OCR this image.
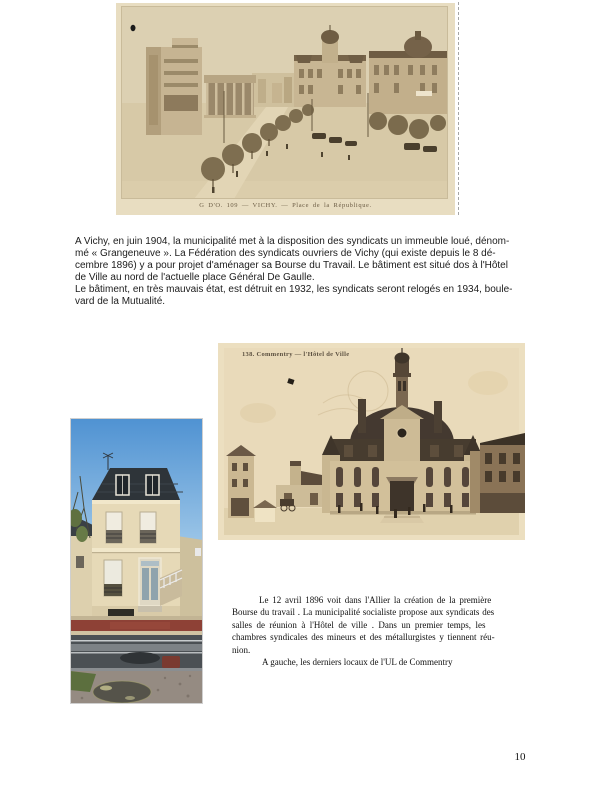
G D'O. 109 — VICHY. — Place de la République.
A Vichy, en juin 1904, la municipalité met à la disposition des syndicats un immeuble loué, dénom-
mé « Grangeneuve ». La Fédération des syndicats ouvriers de Vichy (qui existe depuis le 8 dé-
cembre 1896) y a pour projet d'aménager sa Bourse du Travail. Le bâtiment est situé dos à l'Hôtel
de Ville au nord de l'actuelle place Général De Gaulle.
Le bâtiment, en très mauvais état, est détruit en 1932, les syndicats seront relogés en 1934, boule-
vard de la Mutualité.
138. Commentry — l'Hôtel de Ville
Le 12 avril 1896 voit dans l'Allier la création de la première
Bourse du travail . La municipalité socialiste propose aux syndicats des
salles de réunion à l'Hôtel de ville . Dans un premier temps, les
chambres syndicales des mineurs et des métallurgistes y tiennent réu-
nion.
A gauche, les derniers locaux de l'UL de Commentry
10
